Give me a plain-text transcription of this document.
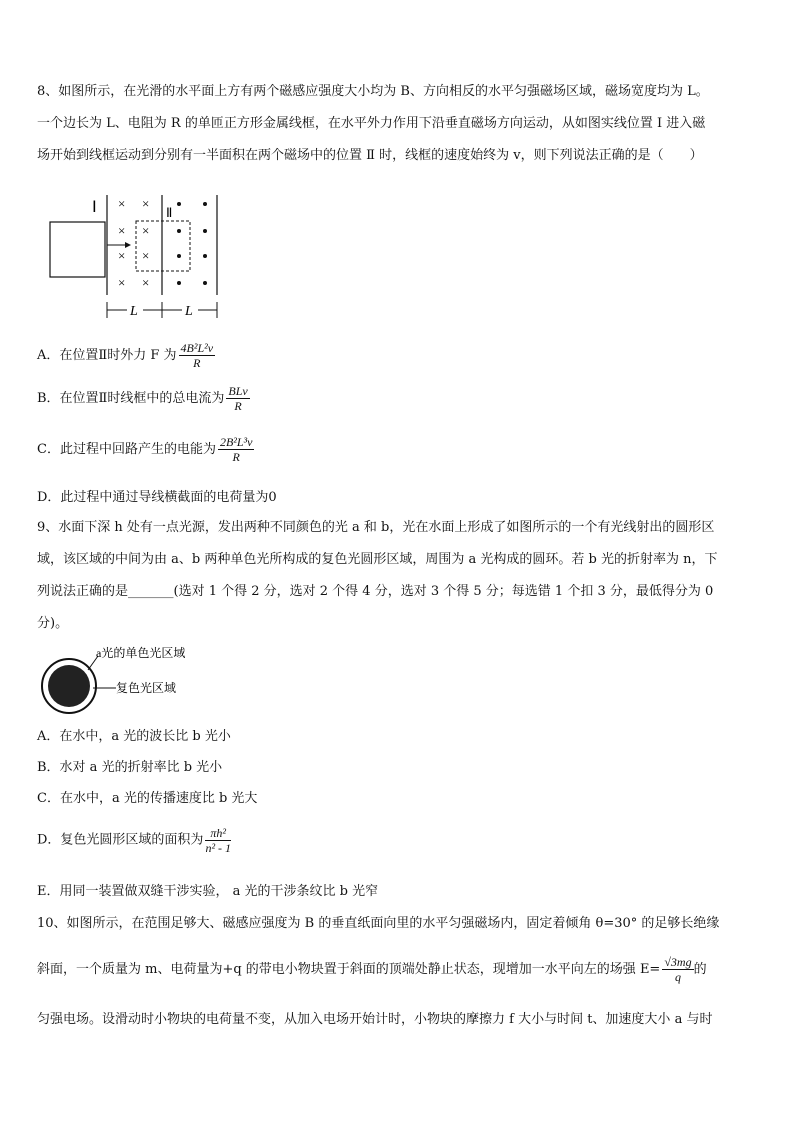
8、如图所示，在光滑的水平面上方有两个磁感应强度大小均为 B、方向相反的水平匀强磁场区域，磁场宽度均为 L。
一个边长为 L、电阻为 R 的单匝正方形金属线框，在水平外力作用下沿垂直磁场方向运动，从如图实线位置 Ⅰ 进入磁
场开始到线框运动到分别有一半面积在两个磁场中的位置 Ⅱ 时，线框的速度始终为 v，则下列说法正确的是（　　）
Ⅰ × ×
× ×
× ×
× ×
Ⅱ
L	L
A．在位置Ⅱ时外力 F 为 $\frac{\text{4B²L²v}}{R}$
B．在位置Ⅱ时线框中的总电流为 $\frac{\text{BLv}}{R}$
C．此过程中回路产生的电能为 $\frac{\text{2B²L³v}}{R}$
D．此过程中通过导线横截面的电荷量为0
9、水面下深 h 处有一点光源，发出两种不同颜色的光 a 和 b，光在水面上形成了如图所示的一个有光线射出的圆形区
域，该区域的中间为由 a、b 两种单色光所构成的复色光圆形区域，周围为 a 光构成的圆环。若 b 光的折射率为 n，下
列说法正确的是_______(选对 1 个得 2 分，选对 2 个得 4 分，选对 3 个得 5 分；每选错 1 个扣 3 分，最低得分为 0
分)。
a光的单色光区域
复色光区域
A．在水中，a 光的波长比 b 光小
B．水对 a 光的折射率比 b 光小
C．在水中，a 光的传播速度比 b 光大
D．复色光圆形区域的面积为 $\frac{\text{πh²}}{\text{n² - 1}}$
E．用同一装置做双缝干涉实验， a 光的干涉条纹比 b 光窄
10、如图所示，在范围足够大、磁感应强度为 B 的垂直纸面向里的水平匀强磁场内，固定着倾角 θ=30° 的足够长绝缘
斜面，一个质量为 m、电荷量为+q 的带电小物块置于斜面的顶端处静止状态，现增加一水平向左的场强 $E= \frac{√3mg}{q}$ 的
匀强电场。设滑动时小物块的电荷量不变，从加入电场开始计时，小物块的摩擦力 f 大小与时间 t、加速度大小 a 与时
